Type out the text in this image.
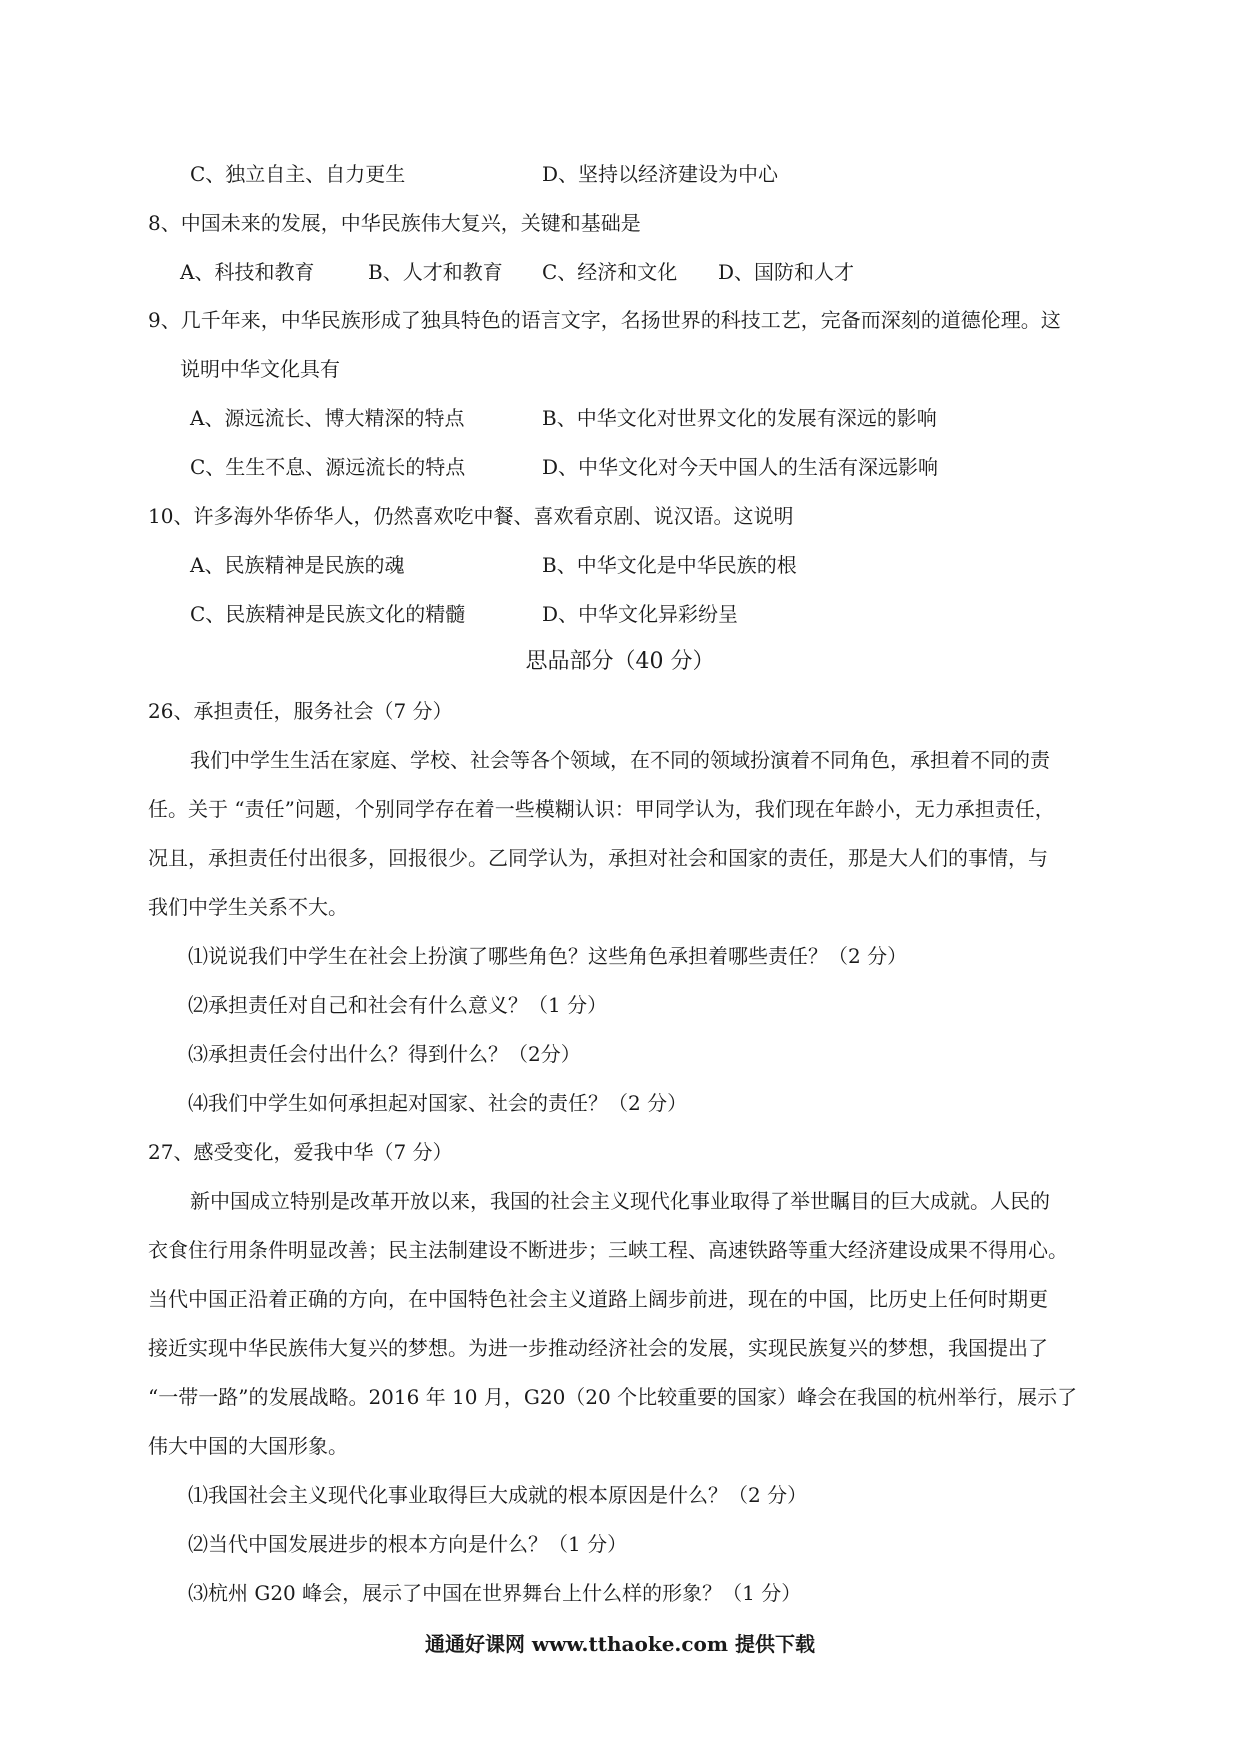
C、独立自主、自力更生	D、坚持以经济建设为中心
8、中国未来的发展，中华民族伟大复兴，关键和基础是
A、科技和教育	B、人才和教育 C、经济和文化 D、国防和人才
9、几千年来，中华民族形成了独具特色的语言文字，名扬世界的科技工艺，完备而深刻的道德伦理。这
说明中华文化具有
A、源远流长、博大精深的特点	B、中华文化对世界文化的发展有深远的影响
C、生生不息、源远流长的特点	D、中华文化对今天中国人的生活有深远影响
10、许多海外华侨华人，仍然喜欢吃中餐、喜欢看京剧、说汉语。这说明
A、民族精神是民族的魂	B、中华文化是中华民族的根
C、民族精神是民族文化的精髓	D、中华文化异彩纷呈
思品部分（40 分）
26、承担责任，服务社会（7 分）
我们中学生生活在家庭、学校、社会等各个领域，在不同的领域扮演着不同角色，承担着不同的责
任。关于 “责任”问题，个别同学存在着一些模糊认识：甲同学认为，我们现在年龄小，无力承担责任，
况且，承担责任付出很多，回报很少。乙同学认为，承担对社会和国家的责任，那是大人们的事情，与
我们中学生关系不大。
⑴说说我们中学生在社会上扮演了哪些角色？这些角色承担着哪些责任？（2 分）
⑵承担责任对自己和社会有什么意义？（1 分）
⑶承担责任会付出什么？得到什么？（2分）
⑷我们中学生如何承担起对国家、社会的责任？（2 分）
27、感受变化，爱我中华（7 分）
新中国成立特别是改革开放以来，我国的社会主义现代化事业取得了举世瞩目的巨大成就。人民的
衣食住行用条件明显改善；民主法制建设不断进步；三峡工程、高速铁路等重大经济建设成果不得用心。
当代中国正沿着正确的方向，在中国特色社会主义道路上阔步前进，现在的中国，比历史上任何时期更
接近实现中华民族伟大复兴的梦想。为进一步推动经济社会的发展，实现民族复兴的梦想，我国提出了
“一带一路”的发展战略。2016 年 10 月，G20（20 个比较重要的国家）峰会在我国的杭州举行，展示了
伟大中国的大国形象。
⑴我国社会主义现代化事业取得巨大成就的根本原因是什么？（2 分）
⑵当代中国发展进步的根本方向是什么？（1 分）
⑶杭州 G20 峰会，展示了中国在世界舞台上什么样的形象？（1 分）
通通好课网 www.tthaoke.com 提供下载
